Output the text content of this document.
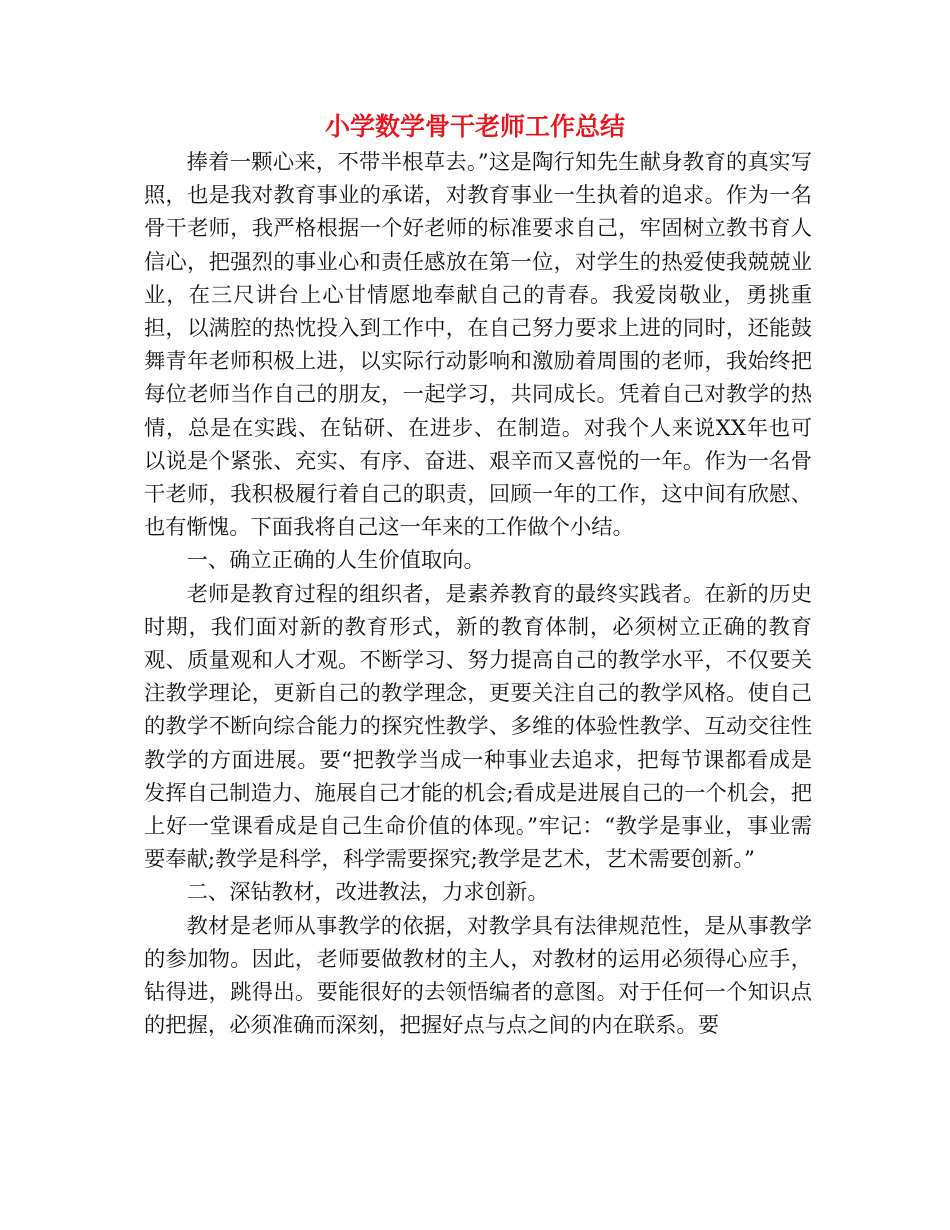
小学数学骨干老师工作总结

捧着一颗心来，不带半根草去。”这是陶行知先生献身教育的真实写照，也是我对教育事业的承诺，对教育事业一生执着的追求。作为一名骨干老师，我严格根据一个好老师的标准要求自己，牢固树立教书育人信心，把强烈的事业心和责任感放在第一位，对学生的热爱使我兢兢业业，在三尺讲台上心甘情愿地奉献自己的青春。我爱岗敬业，勇挑重担，以满腔的热忱投入到工作中，在自己努力要求上进的同时，还能鼓舞青年老师积极上进，以实际行动影响和激励着周围的老师，我始终把每位老师当作自己的朋友，一起学习，共同成长。凭着自己对教学的热情，总是在实践、在钻研、在进步、在制造。对我个人来说XX年也可以说是个紧张、充实、有序、奋进、艰辛而又喜悦的一年。作为一名骨干老师，我积极履行着自己的职责，回顾一年的工作，这中间有欣慰、也有惭愧。下面我将自己这一年来的工作做个小结。

一、确立正确的人生价值取向。

老师是教育过程的组织者，是素养教育的最终实践者。在新的历史时期，我们面对新的教育形式，新的教育体制，必须树立正确的教育观、质量观和人才观。不断学习、努力提高自己的教学水平，不仅要关注教学理论，更新自己的教学理念，更要关注自己的教学风格。使自己的教学不断向综合能力的探究性教学、多维的体验性教学、互动交往性教学的方面进展。要“把教学当成一种事业去追求，把每节课都看成是发挥自己制造力、施展自己才能的机会;看成是进展自己的一个机会，把上好一堂课看成是自己生命价值的体现。”牢记：“教学是事业，事业需要奉献;教学是科学，科学需要探究;教学是艺术，艺术需要创新。”

二、深钻教材，改进教法，力求创新。

教材是老师从事教学的依据，对教学具有法律规范性，是从事教学的参加物。因此，老师要做教材的主人，对教材的运用必须得心应手，钻得进，跳得出。要能很好的去领悟编者的意图。对于任何一个知识点的把握，必须准确而深刻，把握好点与点之间的内在联系。要
